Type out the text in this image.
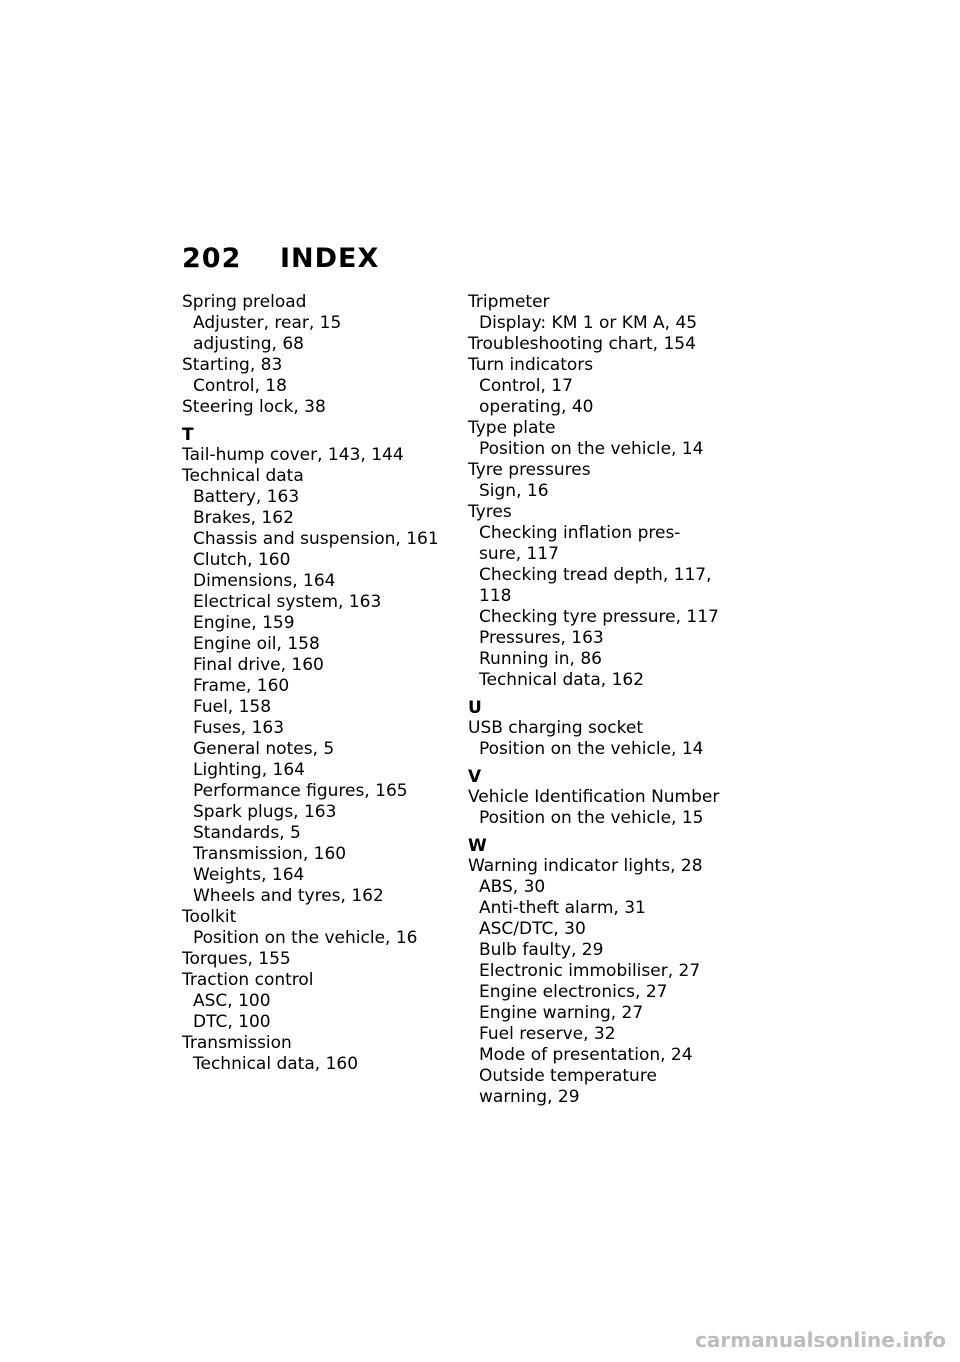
202 INDEX
Spring preload
Adjuster, rear, 15
adjusting, 68
Starting, 83
Control, 18
Steering lock, 38
T
Tail-hump cover, 143, 144
Technical data
Battery, 163
Brakes, 162
Chassis and suspension, 161
Clutch, 160
Dimensions, 164
Electrical system, 163
Engine, 159
Engine oil, 158
Final drive, 160
Frame, 160
Fuel, 158
Fuses, 163
General notes, 5
Lighting, 164
Performance figures, 165
Spark plugs, 163
Standards, 5
Transmission, 160
Weights, 164
Wheels and tyres, 162
Toolkit
Position on the vehicle, 16
Torques, 155
Traction control
ASC, 100
DTC, 100
Transmission
Technical data, 160
Tripmeter
Display: KM 1 or KM A, 45
Troubleshooting chart, 154
Turn indicators
Control, 17
operating, 40
Type plate
Position on the vehicle, 14
Tyre pressures
Sign, 16
Tyres
Checking inflation pres-
sure, 117
Checking tread depth, 117,
118
Checking tyre pressure, 117
Pressures, 163
Running in, 86
Technical data, 162
U
USB charging socket
Position on the vehicle, 14
V
Vehicle Identification Number
Position on the vehicle, 15
W
Warning indicator lights, 28
ABS, 30
Anti-theft alarm, 31
ASC/DTC, 30
Bulb faulty, 29
Electronic immobiliser, 27
Engine electronics, 27
Engine warning, 27
Fuel reserve, 32
Mode of presentation, 24
Outside temperature
warning, 29
carmanualsonline.info
